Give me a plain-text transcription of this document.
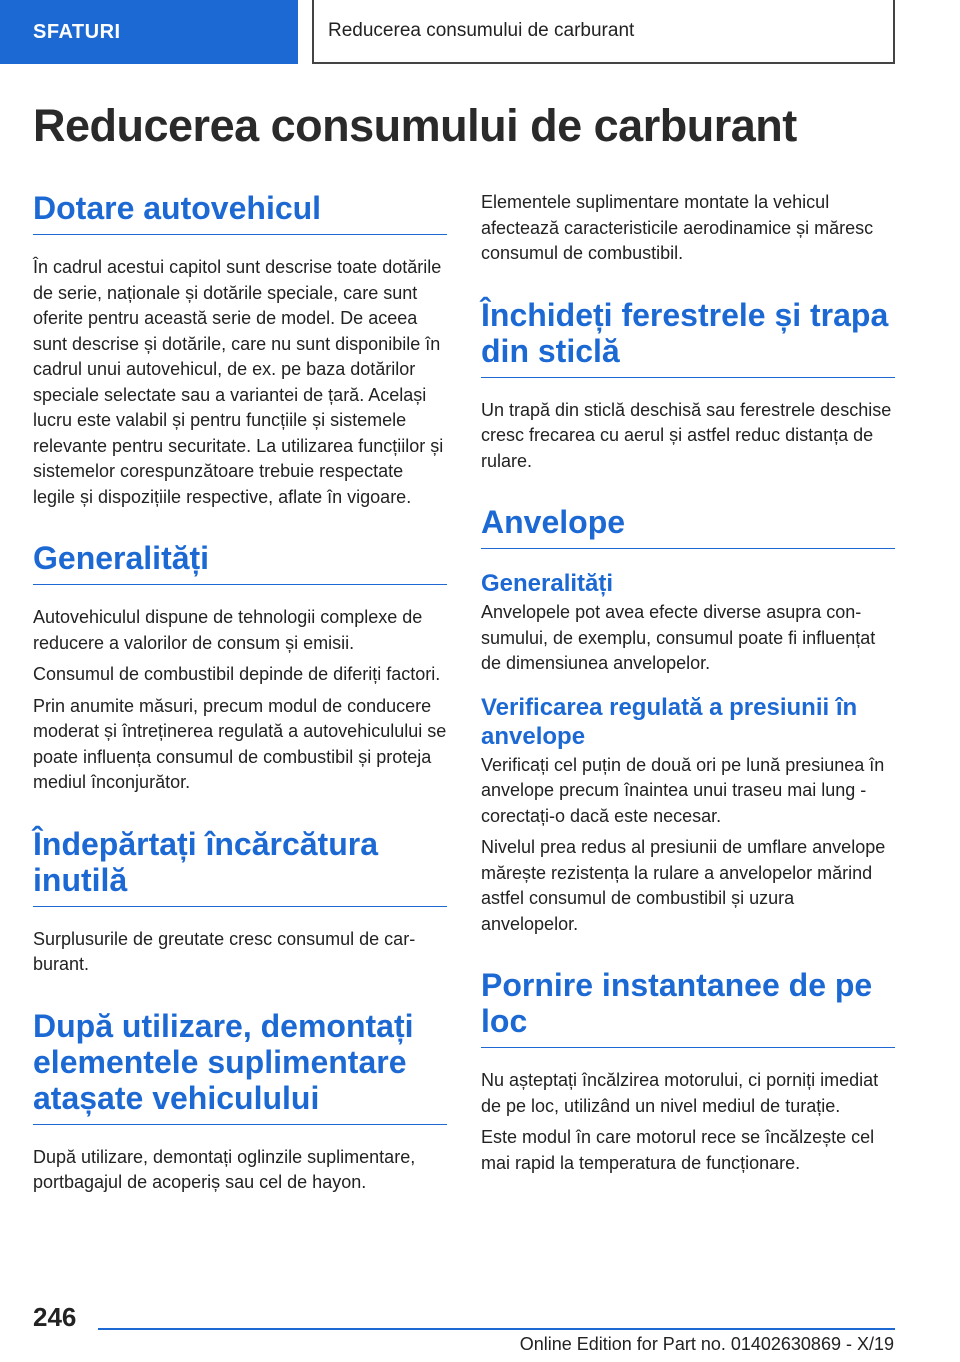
SFATURI	Reducerea consumului de carburant
Reducerea consumului de carburant
Dotare autovehicul

În cadrul acestui capitol sunt descrise toate dotările de serie, naționale și dotările speciale, care sunt oferite pentru această serie de model. De aceea sunt descrise și dotările, care nu sunt disponibile în cadrul unui autovehicul, de ex. pe baza dotărilor speciale selectate sau a variantei de țară. Același lucru este valabil și pentru funcțiile și sistemele relevante pentru securitate. La utilizarea funcțiilor și sistemelor corespunzătoare trebuie respectate legile și dispozițiile respective, aflate în vigoare.

Generalități

Autovehiculul dispune de tehnologii complexe de reducere a valorilor de consum și emisii.

Consumul de combustibil depinde de diferiți factori.

Prin anumite măsuri, precum modul de conducere moderat și întreținerea regulată a autovehiculului se poate influența consumul de combustibil și proteja mediul înconjurător.

Îndepărtați încărcătura inutilă

Surplusurile de greutate cresc consumul de carburant.

După utilizare, demontați elementele suplimentare atașate vehiculului

După utilizare, demontați oglinzile suplimentare, portbagajul de acoperiș sau cel de hayon.

Elementele suplimentare montate la vehicul afectează caracteristicile aerodinamice și măresc consumul de combustibil.

Închideți ferestrele și trapa din sticlă

Un trapă din sticlă deschisă sau ferestrele deschise cresc frecarea cu aerul și astfel reduc distanța de rulare.

Anvelope
Generalități

Anvelopele pot avea efecte diverse asupra consumului, de exemplu, consumul poate fi influențat de dimensiunea anvelopelor.

Verificarea regulată a presiunii în anvelope

Verificați cel puțin de două ori pe lună presiunea în anvelope precum înaintea unui traseu mai lung - corectați-o dacă este necesar.

Nivelul prea redus al presiunii de umflare anvelope mărește rezistența la rulare a anvelopelor mărind astfel consumul de combustibil și uzura anvelopelor.

Pornire instantanee de pe loc

Nu așteptați încălzirea motorului, ci porniți imediat de pe loc, utilizând un nivel mediul de turație.

Este modul în care motorul rece se încălzește cel mai rapid la temperatura de funcționare.

246
Online Edition for Part no. 01402630869 - X/19
